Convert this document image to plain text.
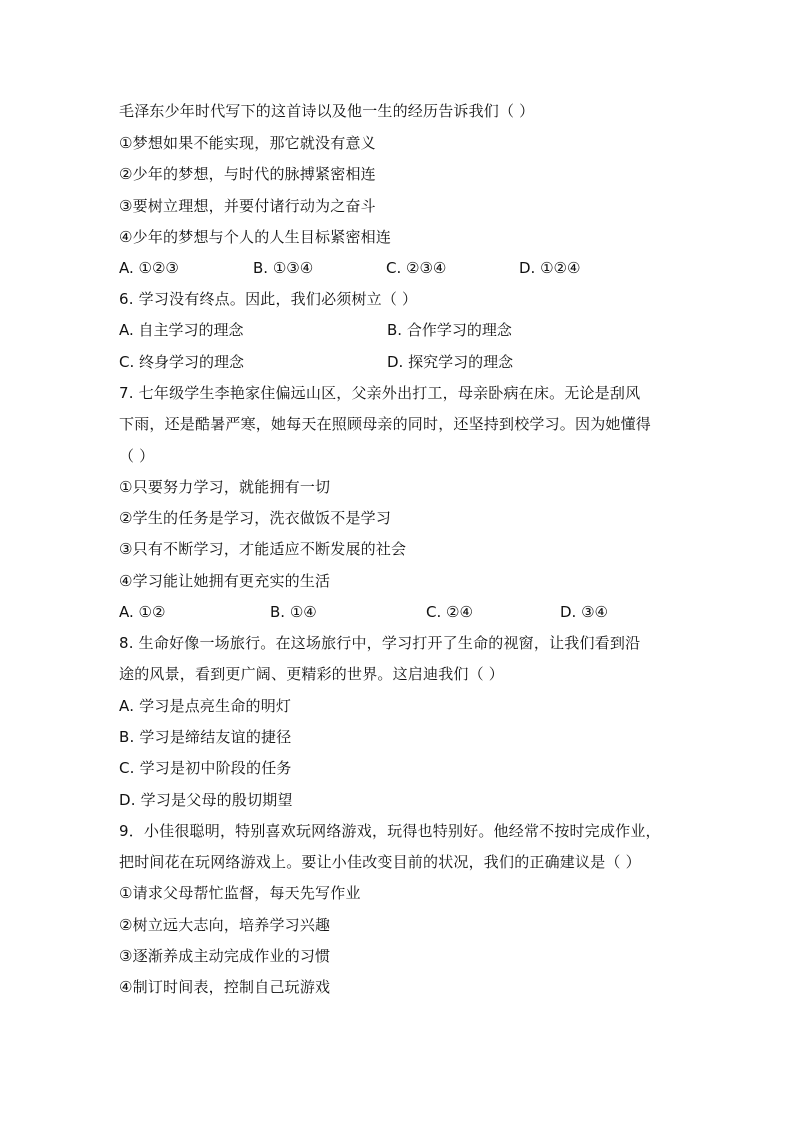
毛泽东少年时代写下的这首诗以及他一生的经历告诉我们（ ）
①梦想如果不能实现，那它就没有意义
②少年的梦想，与时代的脉搏紧密相连
③要树立理想，并要付诸行动为之奋斗
④少年的梦想与个人的人生目标紧密相连
A. ①②③	B. ①③④	C. ②③④	D. ①②④
6. 学习没有终点。因此，我们必须树立（ ）
A. 自主学习的理念	B. 合作学习的理念
C. 终身学习的理念	D. 探究学习的理念
7. 七年级学生李艳家住偏远山区，父亲外出打工，母亲卧病在床。无论是刮风
下雨，还是酷暑严寒，她每天在照顾母亲的同时，还坚持到校学习。因为她懂得
（ ）
①只要努力学习，就能拥有一切
②学生的任务是学习，洗衣做饭不是学习
③只有不断学习，才能适应不断发展的社会
④学习能让她拥有更充实的生活
A. ①②	B. ①④	C. ②④	D. ③④
8. 生命好像一场旅行。在这场旅行中，学习打开了生命的视窗，让我们看到沿
途的风景，看到更广阔、更精彩的世界。这启迪我们（ ）
A. 学习是点亮生命的明灯
B. 学习是缔结友谊的捷径
C. 学习是初中阶段的任务
D. 学习是父母的殷切期望
9．小佳很聪明，特别喜欢玩网络游戏，玩得也特别好。他经常不按时完成作业，
把时间花在玩网络游戏上。要让小佳改变目前的状况，我们的正确建议是（ ）
①请求父母帮忙监督，每天先写作业
②树立远大志向，培养学习兴趣
③逐渐养成主动完成作业的习惯
④制订时间表，控制自己玩游戏
